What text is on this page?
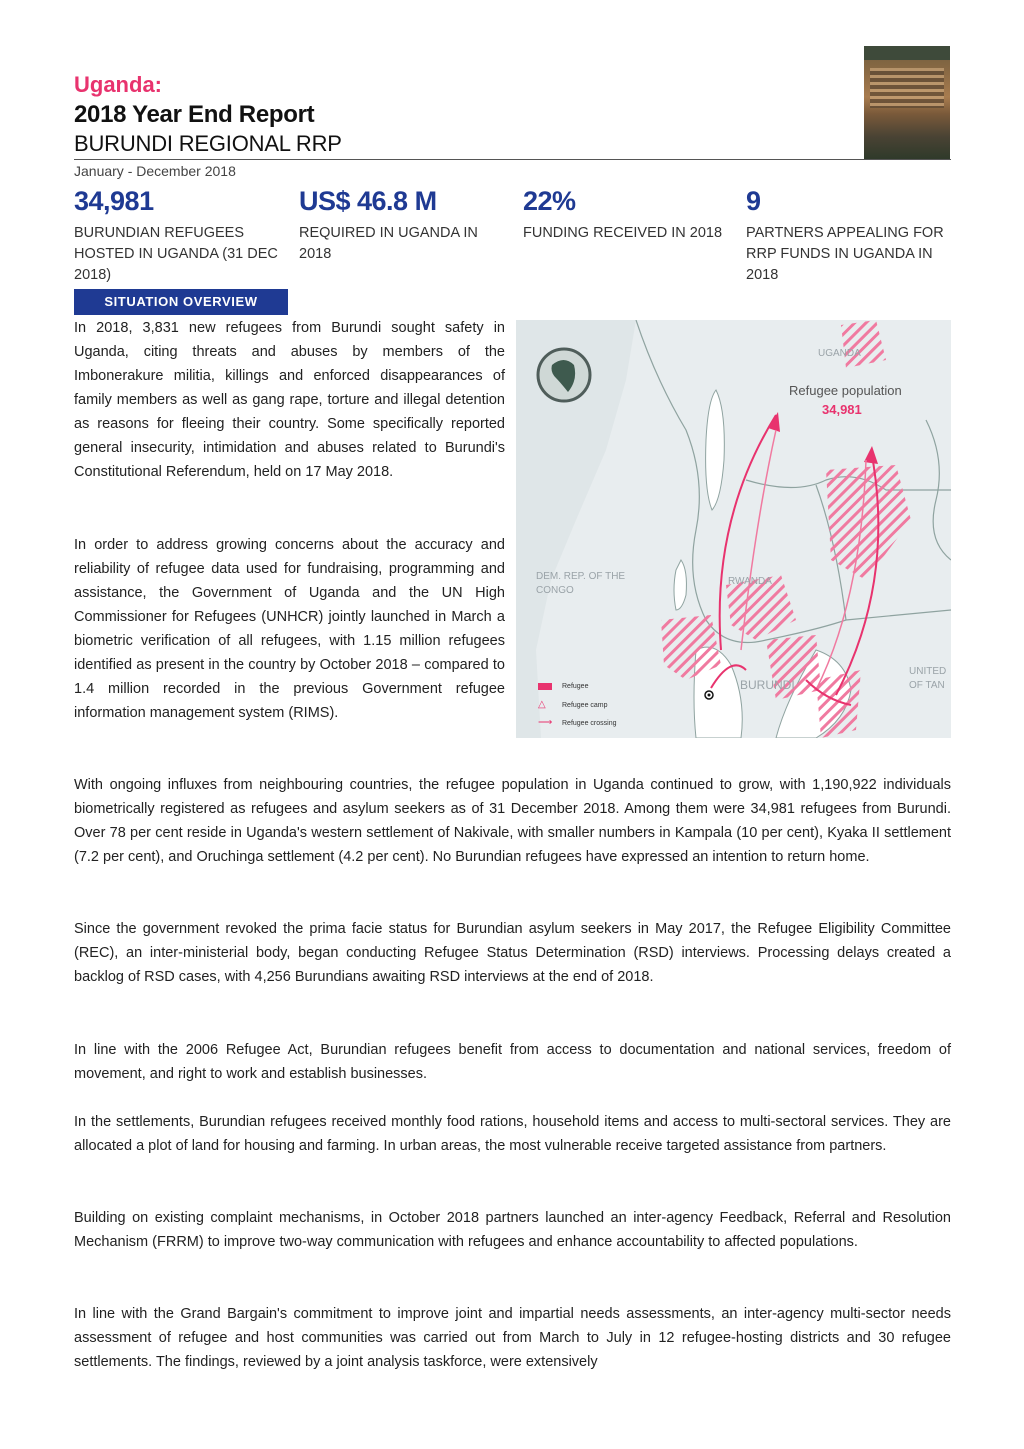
Uganda:
2018 Year End Report
BURUNDI REGIONAL RRP
January - December 2018
34,981
BURUNDIAN REFUGEES HOSTED IN UGANDA (31 DEC 2018)
US$ 46.8 M
REQUIRED IN UGANDA IN 2018
22%
FUNDING RECEIVED IN 2018
9
PARTNERS APPEALING FOR RRP FUNDS IN UGANDA IN 2018
SITUATION OVERVIEW
In 2018, 3,831 new refugees from Burundi sought safety in Uganda, citing threats and abuses by members of the Imbonerakure militia, killings and enforced disappearances of family members as well as gang rape, torture and illegal detention as reasons for fleeing their country. Some specifically reported general insecurity, intimidation and abuses related to Burundi's Constitutional Referendum, held on 17 May 2018.
In order to address growing concerns about the accuracy and reliability of refugee data used for fundraising, programming and assistance, the Government of Uganda and the UN High Commissioner for Refugees (UNHCR) jointly launched in March a biometric verification of all refugees, with 1.15 million refugees identified as present in the country by October 2018 – compared to 1.4 million recorded in the previous Government refugee information management system (RIMS).
UGANDA
DEM. REP. OF THE CONGO
RWANDA
BURUNDI
UNITED OF TAN
Refugee population
34,981
Refugee
△ Refugee camp
⟶ Refugee crossing
With ongoing influxes from neighbouring countries, the refugee population in Uganda continued to grow, with 1,190,922 individuals biometrically registered as refugees and asylum seekers as of 31 December 2018. Among them were 34,981 refugees from Burundi. Over 78 per cent reside in Uganda's western settlement of Nakivale, with smaller numbers in Kampala (10 per cent), Kyaka II settlement (7.2 per cent), and Oruchinga settlement (4.2 per cent). No Burundian refugees have expressed an intention to return home.
Since the government revoked the prima facie status for Burundian asylum seekers in May 2017, the Refugee Eligibility Committee (REC), an inter-ministerial body, began conducting Refugee Status Determination (RSD) interviews. Processing delays created a backlog of RSD cases, with 4,256 Burundians awaiting RSD interviews at the end of 2018.
In line with the 2006 Refugee Act, Burundian refugees benefit from access to documentation and national services, freedom of movement, and right to work and establish businesses.
In the settlements, Burundian refugees received monthly food rations, household items and access to multi-sectoral services. They are allocated a plot of land for housing and farming. In urban areas, the most vulnerable receive targeted assistance from partners.
Building on existing complaint mechanisms, in October 2018 partners launched an inter-agency Feedback, Referral and Resolution Mechanism (FRRM) to improve two-way communication with refugees and enhance accountability to affected populations.
In line with the Grand Bargain's commitment to improve joint and impartial needs assessments, an inter-agency multi-sector needs assessment of refugee and host communities was carried out from March to July in 12 refugee-hosting districts and 30 refugee settlements. The findings, reviewed by a joint analysis taskforce, were extensively
